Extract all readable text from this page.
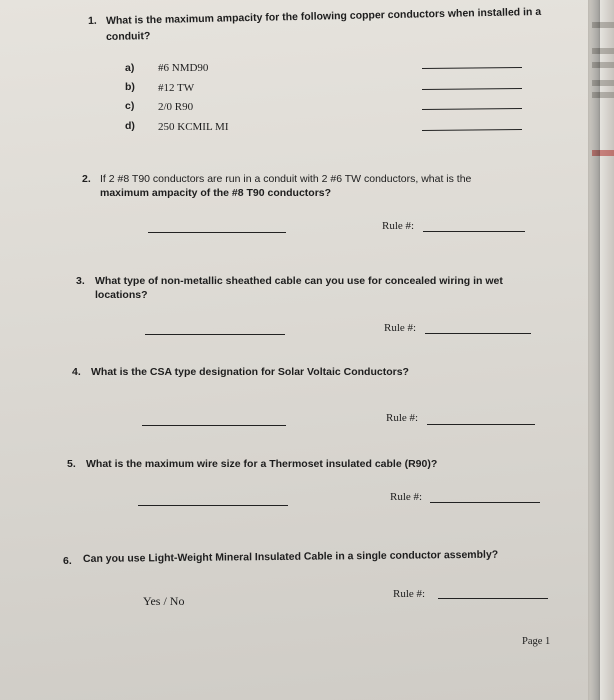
1. What is the maximum ampacity for the following copper conductors when installed in a
conduit?
a) #6 NMD90
b) #12 TW
c) 2/0 R90
d) 250 KCMIL MI
2. If 2 #8 T90 conductors are run in a conduit with 2 #6 TW conductors, what is the
maximum ampacity of the #8 T90 conductors?
Rule #:
3. What type of non-metallic sheathed cable can you use for concealed wiring in wet
locations?
Rule #:
4. What is the CSA type designation for Solar Voltaic Conductors?
Rule #:
5. What is the maximum wire size for a Thermoset insulated cable (R90)?
Rule #:
6. Can you use Light-Weight Mineral Insulated Cable in a single conductor assembly?
Yes / No	Rule #:
Page 1
